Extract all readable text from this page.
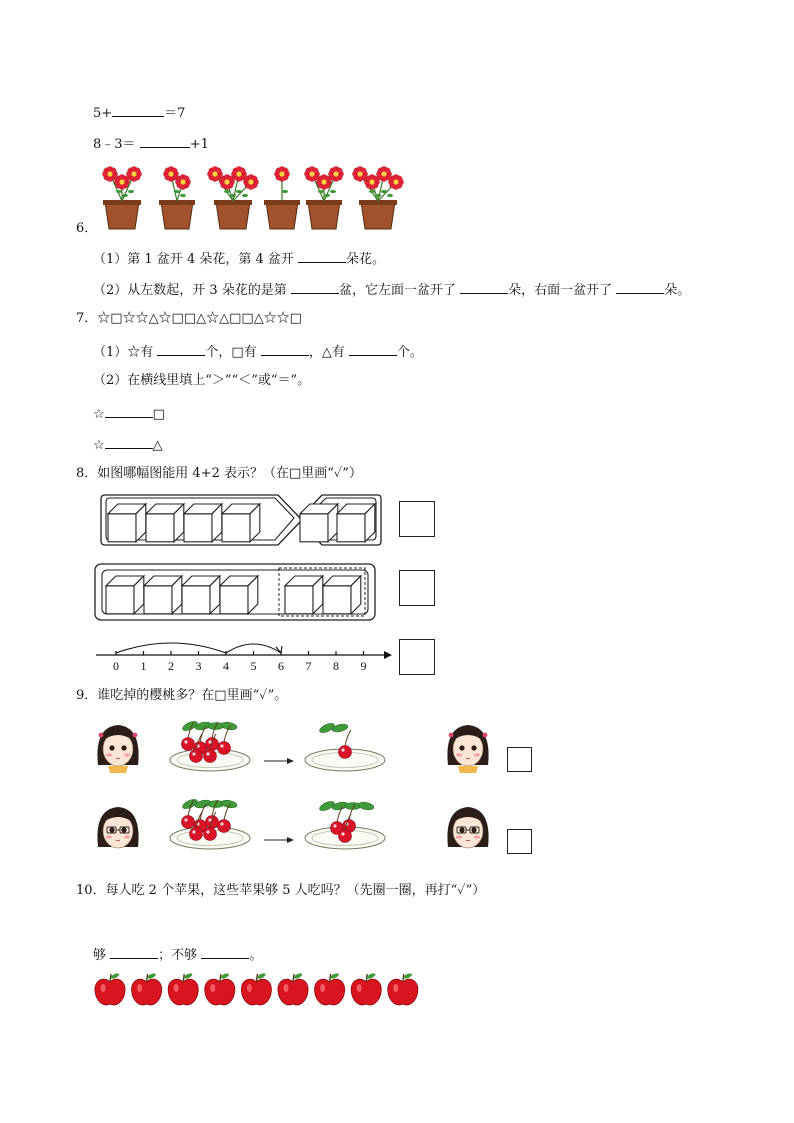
5+	＝7
8﹣3＝	+1
6．
（1）第 1 盆开 4 朵花，第 4 盆开	朵花。
（2）从左数起，开 3 朵花的是第	盆，它左面一盆开了	朵，右面一盆开了	朵。
7．☆□☆☆△☆□□△☆△□□△☆☆□
（1）☆有	个，□有	，△有	个。
（2）在横线里填上“＞”“＜”或“＝”。
☆	□
☆	△
8．如图哪幅图能用 4+2 表示？（在□里画“✓”）
0 1 2 3 4 5 6 7 8 9
9．谁吃掉的樱桃多？在□里画“✓”。
10．每人吃 2 个苹果，这些苹果够 5 人吃吗？（先圈一圈，再打“✓”）
够	；不够	。
